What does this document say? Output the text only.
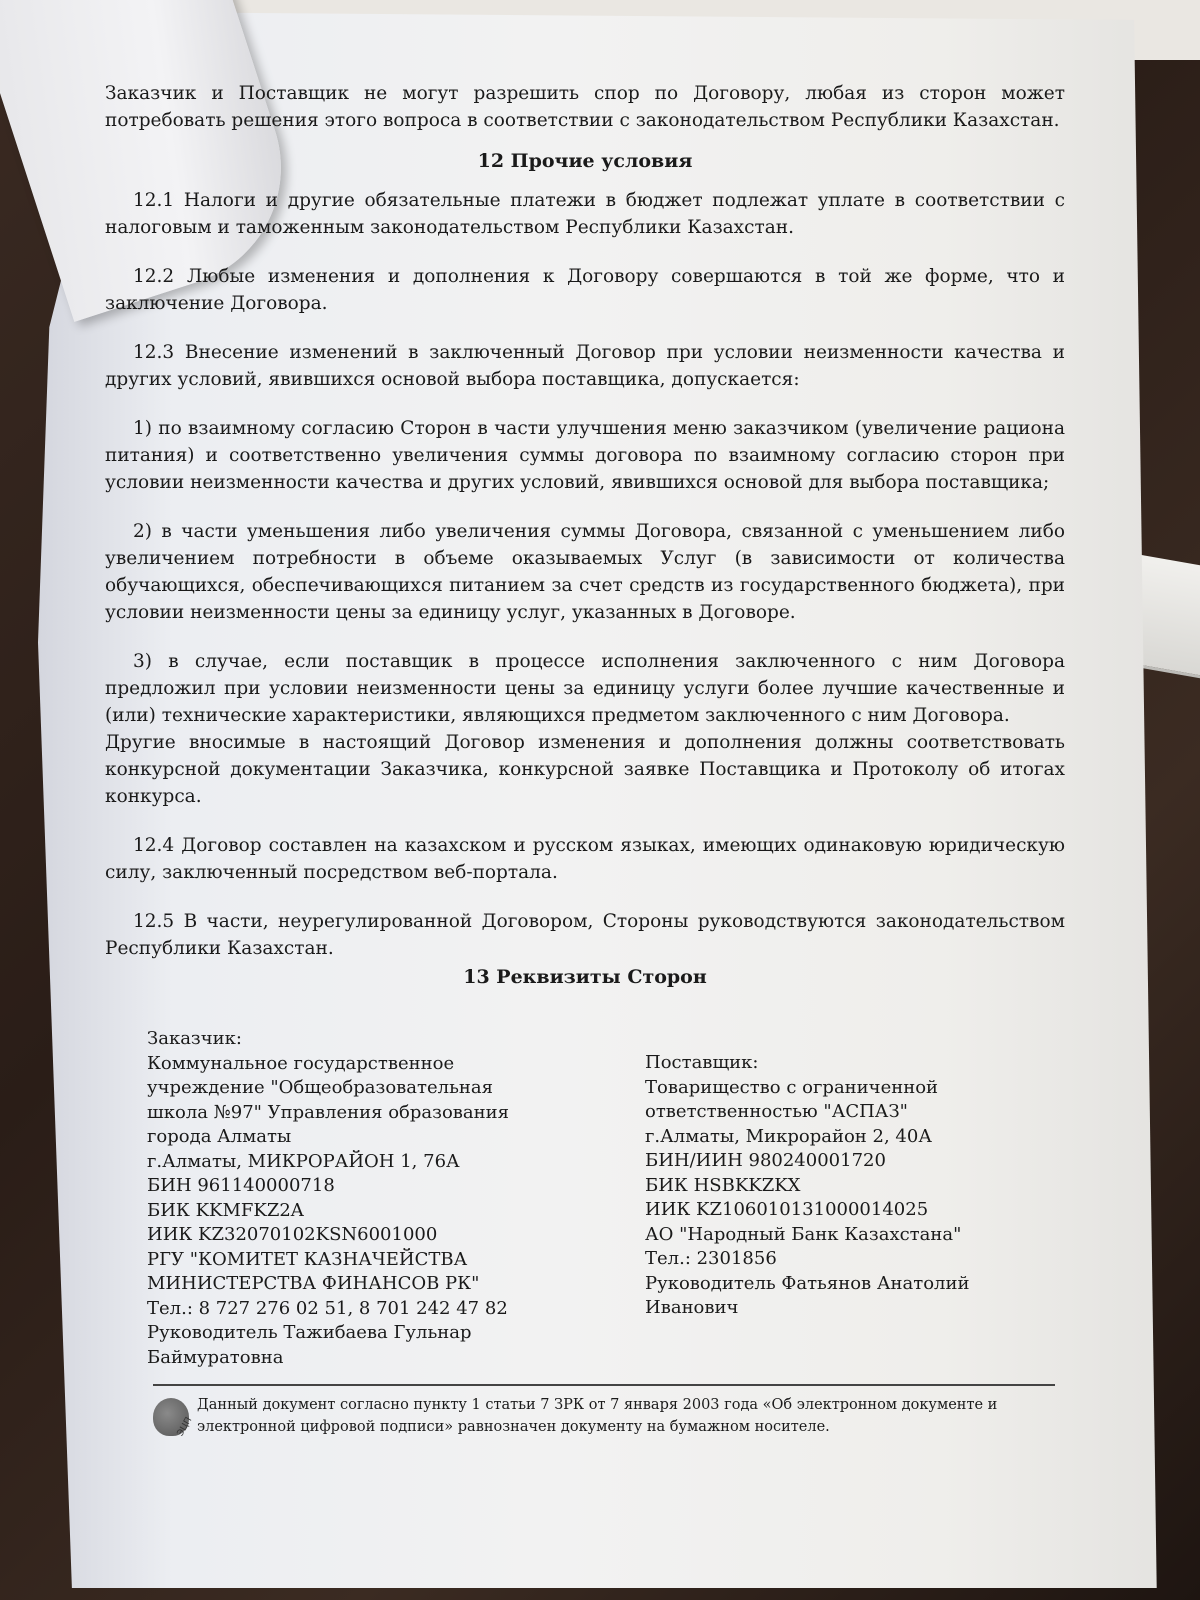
Заказчик и Поставщик не могут разрешить спор по Договору, любая из сторон может потребовать решения этого вопроса в соответствии с законодательством Республики Казахстан.

12 Прочие условия

12.1 Налоги и другие обязательные платежи в бюджет подлежат уплате в соответствии с налоговым и таможенным законодательством Республики Казахстан.

12.2 Любые изменения и дополнения к Договору совершаются в той же форме, что и заключение Договора.

12.3 Внесение изменений в заключенный Договор при условии неизменности качества и других условий, явившихся основой выбора поставщика, допускается:

1) по взаимному согласию Сторон в части улучшения меню заказчиком (увеличение рациона питания) и соответственно увеличения суммы договора по взаимному согласию сторон при условии неизменности качества и других условий, явившихся основой для выбора поставщика;

2) в части уменьшения либо увеличения суммы Договора, связанной с уменьшением либо увеличением потребности в объеме оказываемых Услуг (в зависимости от количества обучающихся, обеспечивающихся питанием за счет средств из государственного бюджета), при условии неизменности цены за единицу услуг, указанных в Договоре.

3) в случае, если поставщик в процессе исполнения заключенного с ним Договора предложил при условии неизменности цены за единицу услуги более лучшие качественные и (или) технические характеристики, являющихся предметом заключенного с ним Договора.

Другие вносимые в настоящий Договор изменения и дополнения должны соответствовать конкурсной документации Заказчика, конкурсной заявке Поставщика и Протоколу об итогах конкурса.

12.4 Договор составлен на казахском и русском языках, имеющих одинаковую юридическую силу, заключенный посредством веб-портала.

12.5 В части, неурегулированной Договором, Стороны руководствуются законодательством Республики Казахстан.

13 Реквизиты Сторон
Заказчик:
Коммунальное государственное
учреждение "Общеобразовательная
школа №97" Управления образования
города Алматы
г.Алматы, МИКРОРАЙОН 1, 76А
БИН 961140000718
БИК KKMFKZ2A
ИИК KZ32070102KSN6001000
РГУ "КОМИТЕТ КАЗНАЧЕЙСТВА
МИНИСТЕРСТВА ФИНАНСОВ РК"
Тел.: 8 727 276 02 51, 8 701 242 47 82
Руководитель Тажибаева Гульнар
Баймуратовна
Поставщик:
Товарищество с ограниченной
ответственностью "АСПАЗ"
г.Алматы, Микрорайон 2, 40А
БИН/ИИН 980240001720
БИК HSBKKZKX
ИИК KZ106010131000014025
АО "Народный Банк Казахстана"
Тел.: 2301856
Руководитель Фатьянов Анатолий
Иванович
ЭЦП
Данный документ согласно пункту 1 статьи 7 ЗРК от 7 января 2003 года «Об электронном документе и электронной цифровой подписи» равнозначен документу на бумажном носителе.
